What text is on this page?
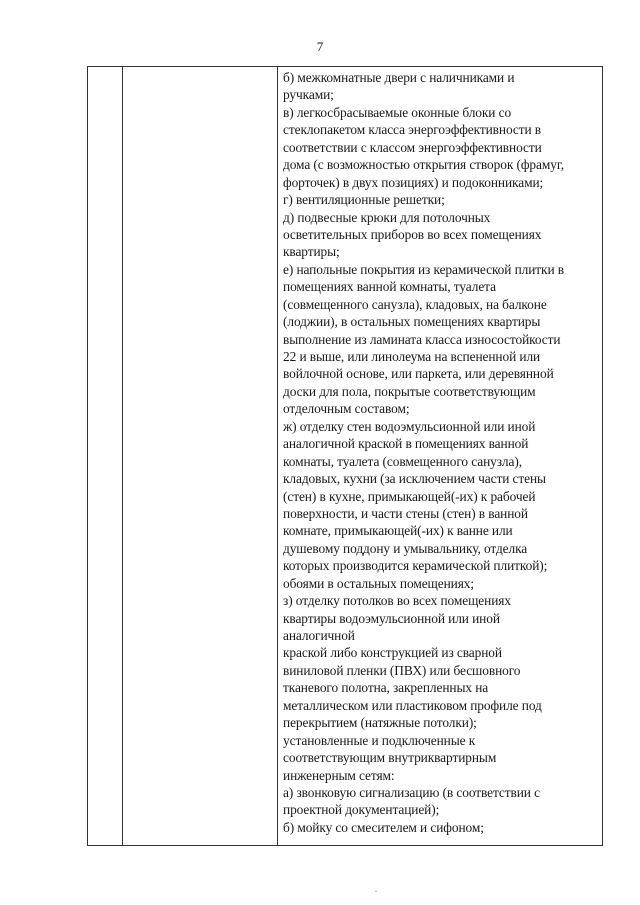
7
б) межкомнатные двери с наличниками и
ручками;
в) легкосбрасываемые оконные блоки со
стеклопакетом класса энергоэффективности в
соответствии с классом энергоэффективности
дома (с возможностью открытия створок (фрамуг,
форточек) в двух позициях) и подоконниками;
г) вентиляционные решетки;
д) подвесные крюки для потолочных
осветительных приборов во всех помещениях
квартиры;
е) напольные покрытия из керамической плитки в
помещениях ванной комнаты, туалета
(совмещенного санузла), кладовых, на балконе
(лоджии), в остальных помещениях квартиры
выполнение из ламината класса износостойкости
22 и выше, или линолеума на вспененной или
войлочной основе, или паркета, или деревянной
доски для пола, покрытые соответствующим
отделочным составом;
ж) отделку стен водоэмульсионной или иной
аналогичной краской в помещениях ванной
комнаты, туалета (совмещенного санузла),
кладовых, кухни (за исключением части стены
(стен) в кухне, примыкающей(-их) к рабочей
поверхности, и части стены (стен) в ванной
комнате, примыкающей(-их) к ванне или
душевому поддону и умывальнику, отделка
которых производится керамической плиткой);
обоями в остальных помещениях;
з) отделку потолков во всех помещениях
квартиры водоэмульсионной или иной
аналогичной
краской либо конструкцией из сварной
виниловой пленки (ПВХ) или бесшовного
тканевого полотна, закрепленных на
металлическом или пластиковом профиле под
перекрытием (натяжные потолки);
установленные и подключенные к
соответствующим внутриквартирным
инженерным сетям:
а) звонковую сигнализацию (в соответствии с
проектной документацией);
б) мойку со смесителем и сифоном;
